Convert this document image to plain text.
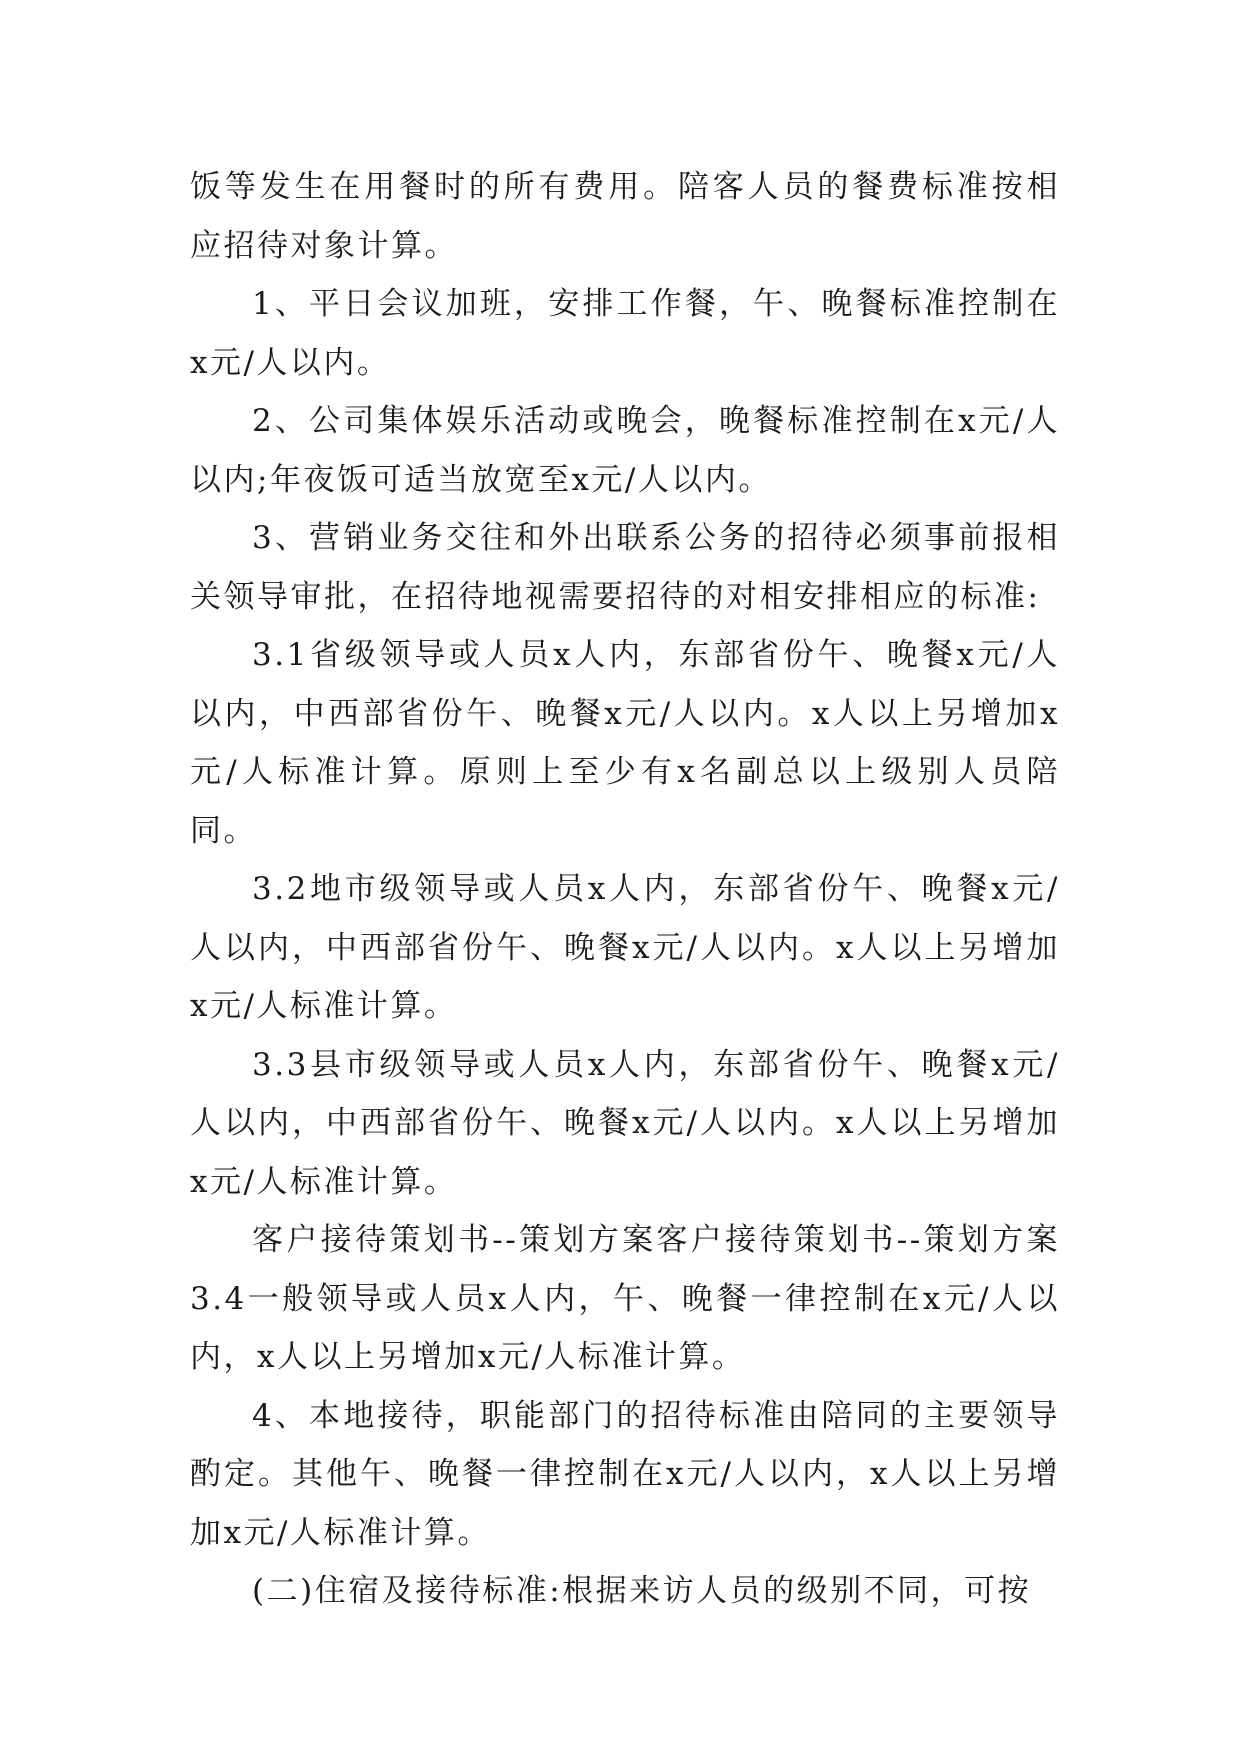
饭等发生在用餐时的所有费用。陪客人员的餐费标准按相应招待对象计算。

1、平日会议加班，安排工作餐，午、晚餐标准控制在x元/人以内。

2、公司集体娱乐活动或晚会，晚餐标准控制在x元/人以内;年夜饭可适当放宽至x元/人以内。

3、营销业务交往和外出联系公务的招待必须事前报相关领导审批，在招待地视需要招待的对相安排相应的标准:

3.1省级领导或人员x人内，东部省份午、晚餐x元/人以内，中西部省份午、晚餐x元/人以内。x人以上另增加x元/人标准计算。原则上至少有x名副总以上级别人员陪同。

3.2地市级领导或人员x人内，东部省份午、晚餐x元/人以内，中西部省份午、晚餐x元/人以内。x人以上另增加x元/人标准计算。

3.3县市级领导或人员x人内，东部省份午、晚餐x元/人以内，中西部省份午、晚餐x元/人以内。x人以上另增加x元/人标准计算。

客户接待策划书--策划方案客户接待策划书--策划方案3.4一般领导或人员x人内，午、晚餐一律控制在x元/人以内，x人以上另增加x元/人标准计算。

4、本地接待，职能部门的招待标准由陪同的主要领导酌定。其他午、晚餐一律控制在x元/人以内，x人以上另增加x元/人标准计算。

(二)住宿及接待标准:根据来访人员的级别不同，可按
